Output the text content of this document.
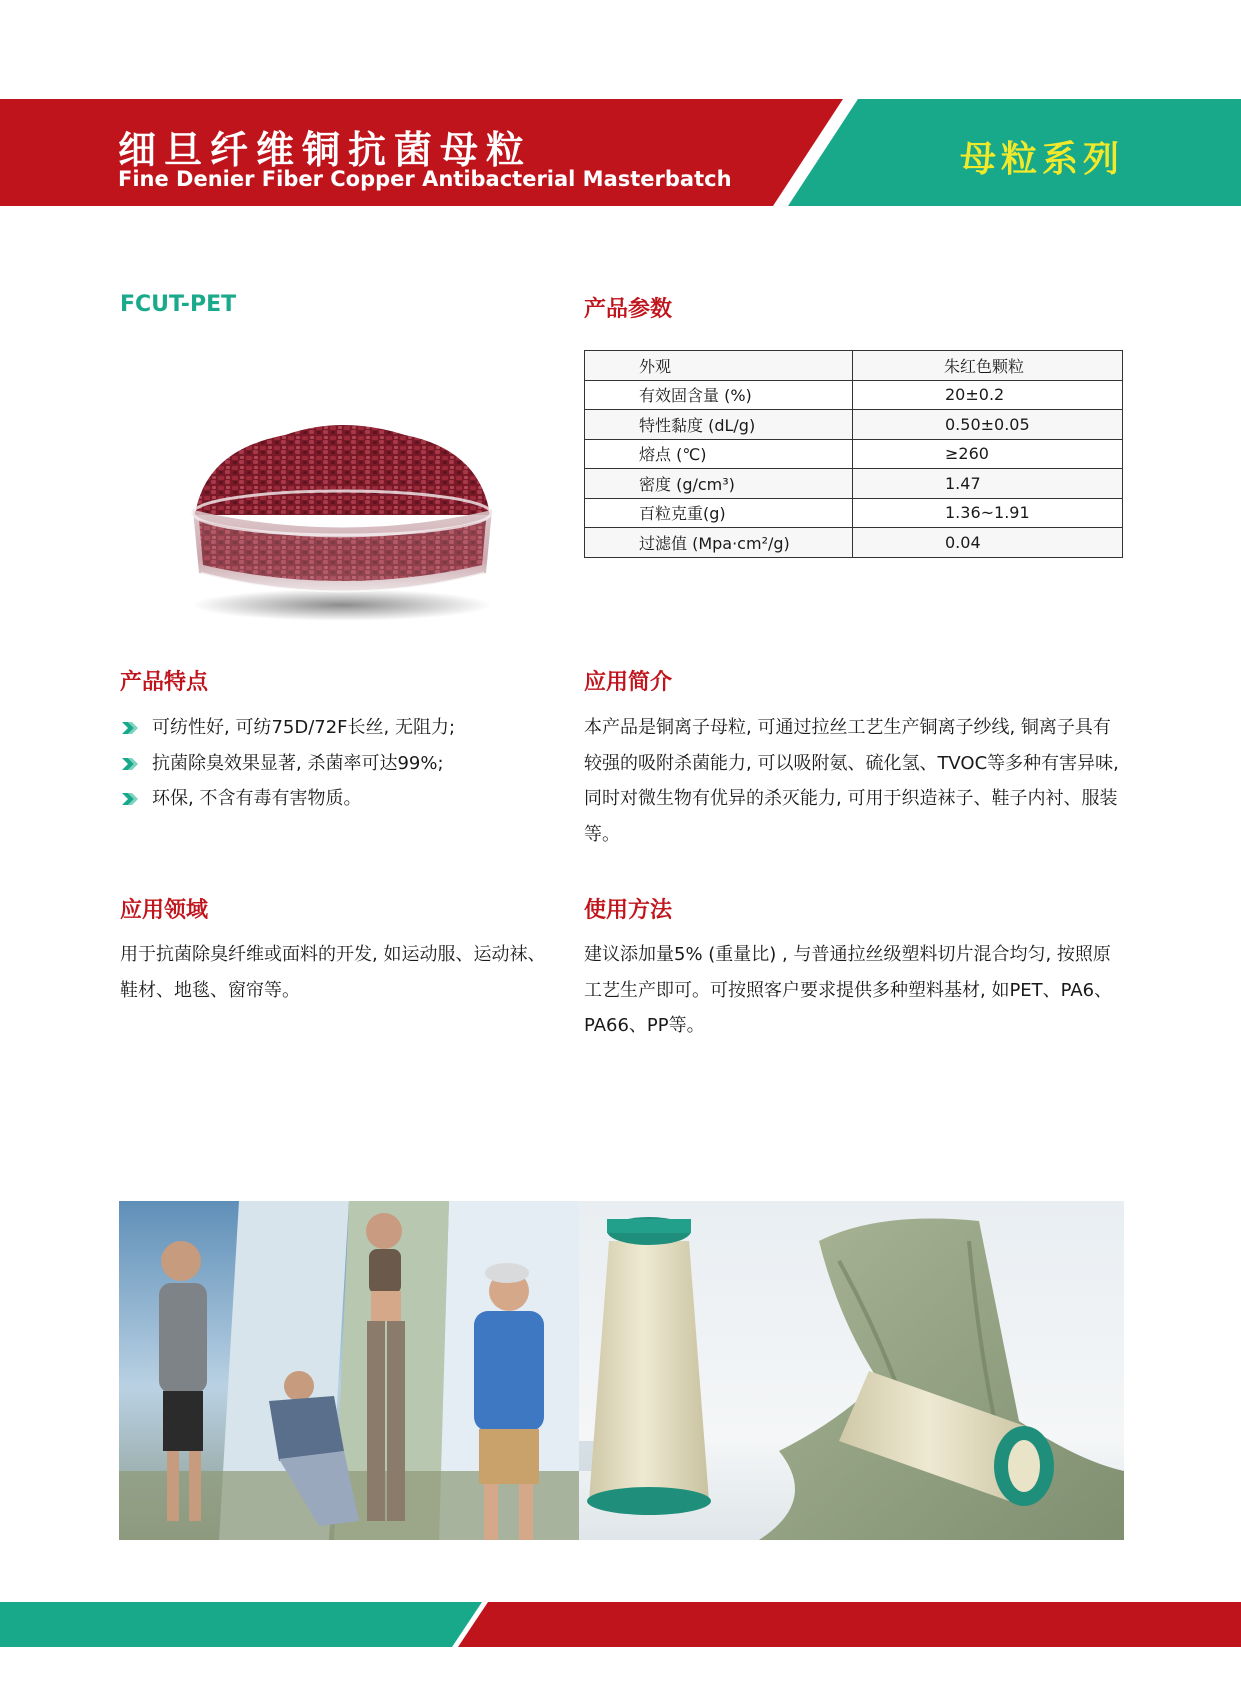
细旦纤维铜抗菌母粒
Fine Denier Fiber Copper Antibacterial Masterbatch	母粒系列
FCUT-PET	产品参数
外观	朱红色颗粒
有效固含量 (%)	20±0.2
特性黏度 (dL/g)	0.50±0.05
熔点 (℃)	≥260
密度 (g/cm³)	1.47
百粒克重(g)	1.36~1.91
过滤值 (Mpa·cm²/g)	0.04
产品特点
可纺性好, 可纺75D/72F长丝, 无阻力;
抗菌除臭效果显著, 杀菌率可达99%;
环保, 不含有毒有害物质。
应用简介
本产品是铜离子母粒, 可通过拉丝工艺生产铜离子纱线, 铜离子具有较强的吸附杀菌能力, 可以吸附氨、硫化氢、TVOC等多种有害异味, 同时对微生物有优异的杀灭能力, 可用于织造袜子、鞋子内衬、服装等。
应用领域
用于抗菌除臭纤维或面料的开发, 如运动服、运动袜、鞋材、地毯、窗帘等。
使用方法
建议添加量5% (重量比) , 与普通拉丝级塑料切片混合均匀, 按照原工艺生产即可。可按照客户要求提供多种塑料基材, 如PET、PA6、PA66、PP等。
